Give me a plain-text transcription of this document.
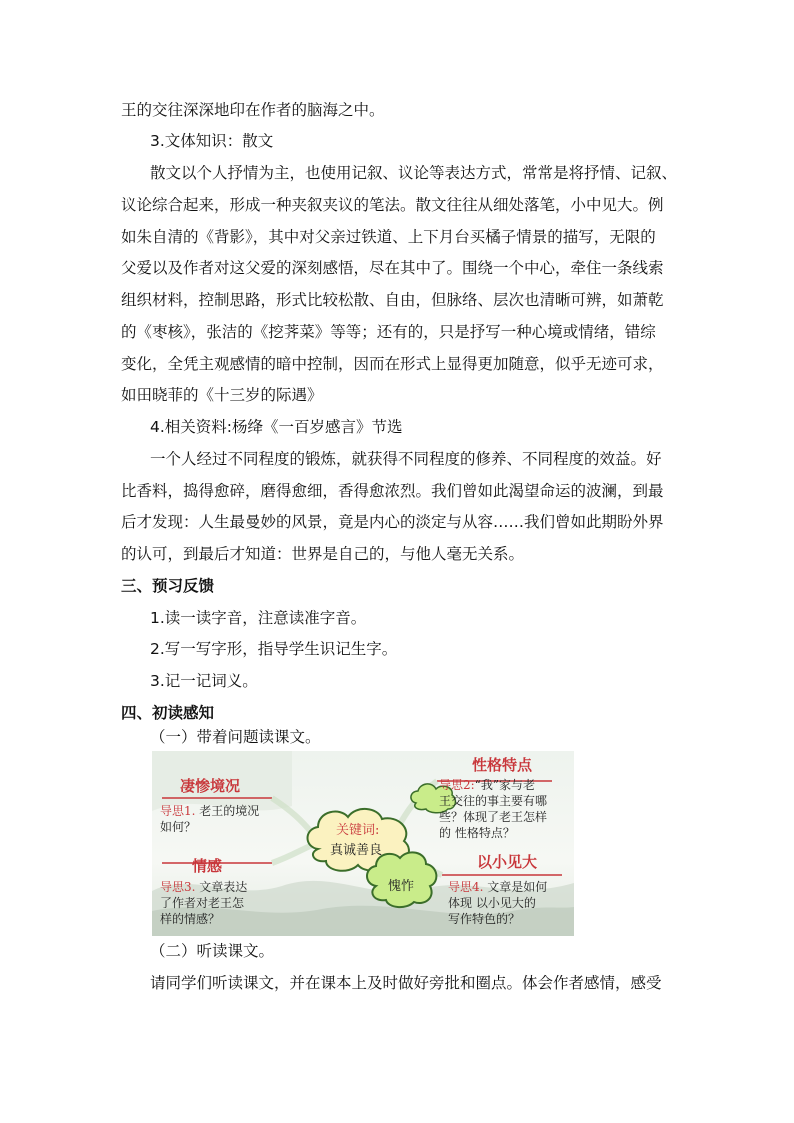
王的交往深深地印在作者的脑海之中。
3.文体知识：散文
散文以个人抒情为主，也使用记叙、议论等表达方式，常常是将抒情、记叙、
议论综合起来，形成一种夹叙夹议的笔法。散文往往从细处落笔，小中见大。例
如朱自清的《背影》，其中对父亲过铁道、上下月台买橘子情景的描写，无限的
父爱以及作者对这父爱的深刻感悟，尽在其中了。围绕一个中心，牵住一条线索
组织材料，控制思路，形式比较松散、自由，但脉络、层次也清晰可辨，如萧乾
的《枣核》，张洁的《挖荠菜》等等；还有的，只是抒写一种心境或情绪，错综
变化，全凭主观感情的暗中控制，因而在形式上显得更加随意，似乎无迹可求，
如田晓菲的《十三岁的际遇》
4.相关资料:杨绛《一百岁感言》节选
一个人经过不同程度的锻炼，就获得不同程度的修养、不同程度的效益。好
比香料，捣得愈碎，磨得愈细，香得愈浓烈。我们曾如此渴望命运的波澜，到最
后才发现：人生最曼妙的风景，竟是内心的淡定与从容……我们曾如此期盼外界
的认可，到最后才知道：世界是自己的，与他人毫无关系。
三、预习反馈
1.读一读字音，注意读准字音。
2.写一写字形，指导学生识记生字。
3.记一记词义。
四、初读感知
（一）带着问题读课文。
关键词:
真诚善良
愧怍
凄惨境况
导思1. 老王的境况
如何？
情感
导思3. 文章表达
了作者对老王怎
样的情感？
性格特点
导思2:“我”家与老
王交往的事主要有哪
些？体现了老王怎样
的 性格特点？
以小见大
导思4. 文章是如何
体现 以小见大的
写作特色的？
（二）听读课文。
请同学们听读课文，并在课本上及时做好旁批和圈点。体会作者感情，感受
